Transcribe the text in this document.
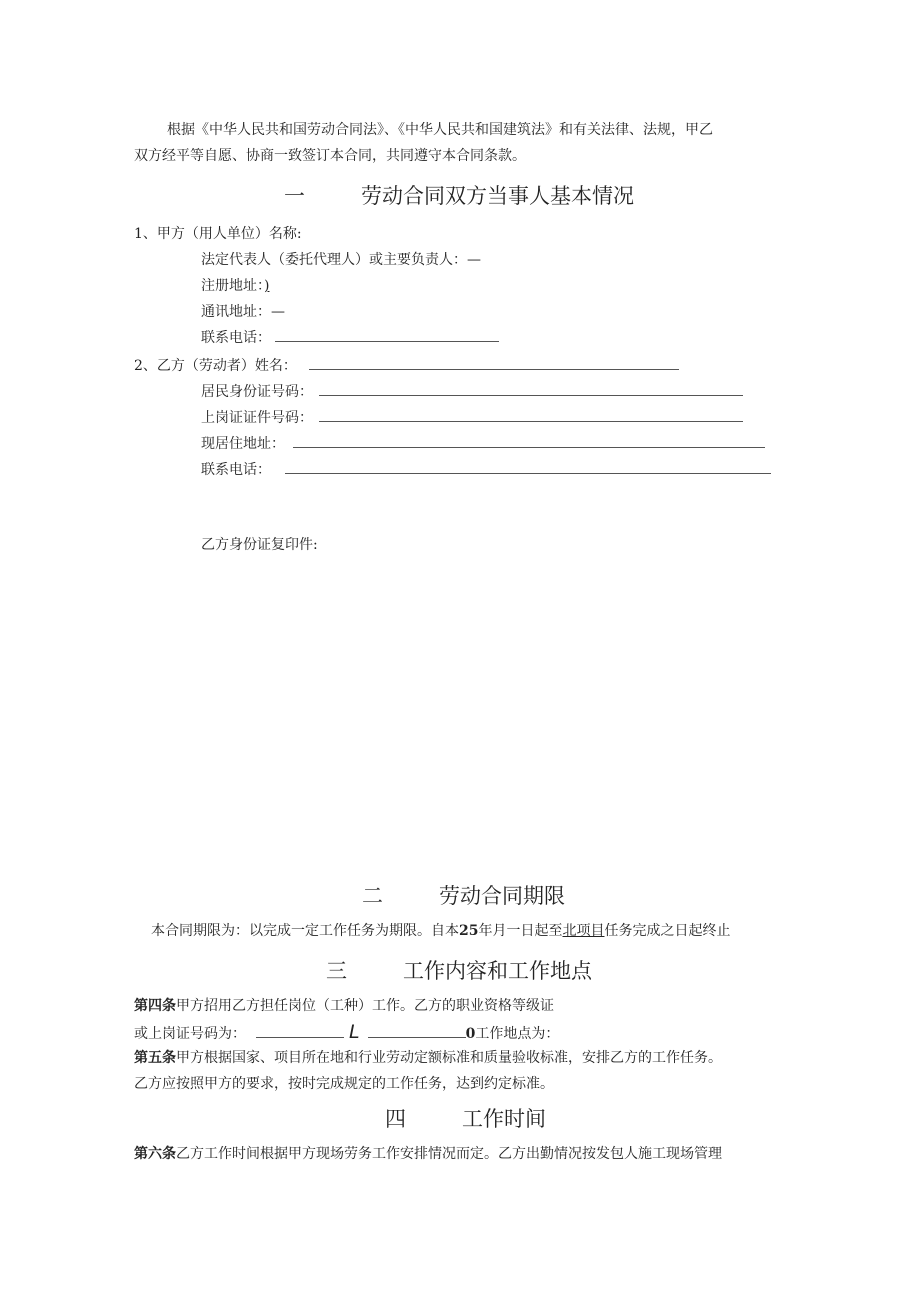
根据《中华人民共和国劳动合同法》、《中华人民共和国建筑法》和有关法律、法规，甲乙
双方经平等自愿、协商一致签订本合同，共同遵守本合同条款。
一	劳动合同双方当事人基本情况
1、甲方（用人单位）名称:
法定代表人（委托代理人）或主要负责人：—
注册地址：)
通讯地址：—
联系电话：
2、乙方（劳动者）姓名：
居民身份证号码：
上岗证证件号码：
现居住地址：
联系电话：
乙方身份证复印件:
二	劳动合同期限
本合同期限为：以完成一定工作任务为期限。自本25年月一日起至北项目任务完成之日起终止
三	工作内容和工作地点
第四条甲方招用乙方担任岗位（工种）工作。乙方的职业资格等级证
或上岗证号码为：	L	0工作地点为：
第五条甲方根据国家、项目所在地和行业劳动定额标准和质量验收标准，安排乙方的工作任务。
乙方应按照甲方的要求，按时完成规定的工作任务，达到约定标准。
四	工作时间
第六条乙方工作时间根据甲方现场劳务工作安排情况而定。乙方出勤情况按发包人施工现场管理
